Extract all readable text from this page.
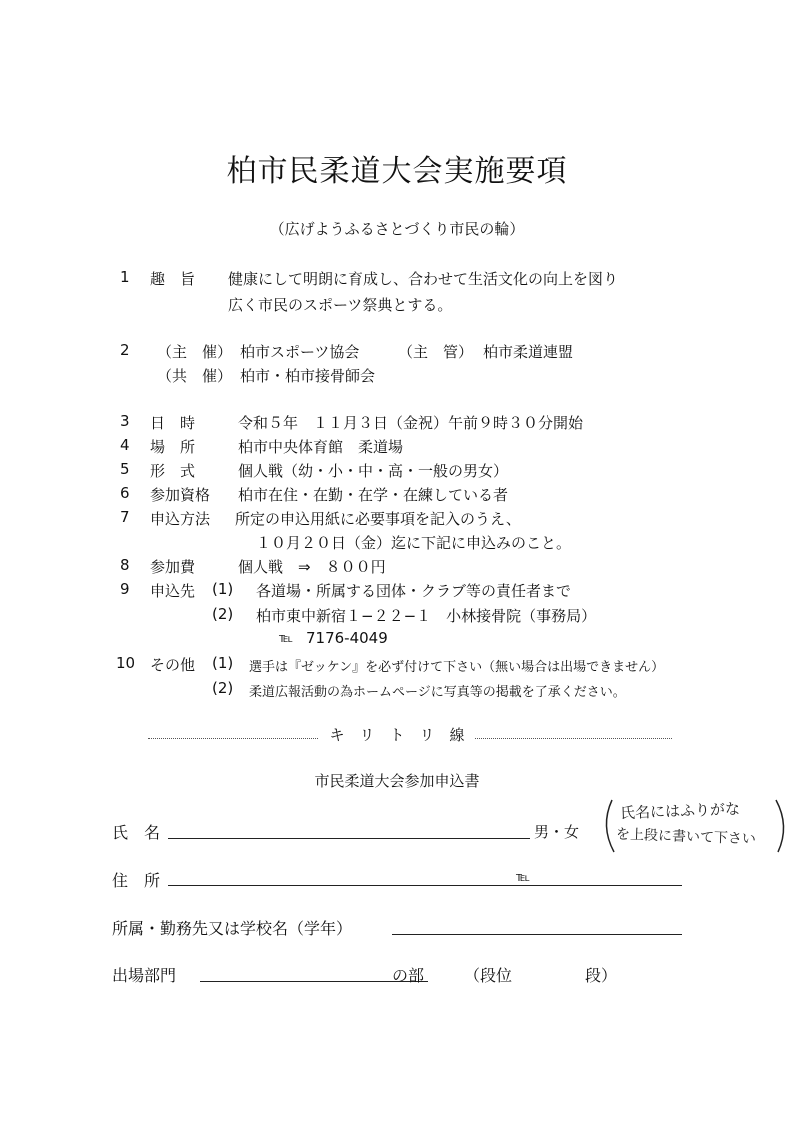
柏市民柔道大会実施要項
（広げようふるさとづくり市民の輪）
1 趣　旨 健康にして明朗に育成し、合わせて生活文化の向上を図り
広く市民のスポーツ祭典とする。
2 （主　催） 柏市スポーツ協会	（主　管） 柏市柔道連盟
（共　催） 柏市・柏市接骨師会
3 日　時	令和５年　１１月３日（金祝）午前９時３０分開始
4 場　所	柏市中央体育館　柔道場
5 形　式	個人戦（幼・小・中・高・一般の男女）
6 参加資格 柏市在住・在勤・在学・在練している者
7 申込方法 所定の申込用紙に必要事項を記入のうえ、
１０月２０日（金）迄に下記に申込みのこと。
8 参加費	個人戦　⇒　８００円
9 申込先 (1) 各道場・所属する団体・クラブ等の責任者まで
(2) 柏市東中新宿１−２２−１　小林接骨院（事務局）
℡ 7176-4049
10 その他 (1) 選手は『ゼッケン』を必ず付けて下さい（無い場合は出場できません）
(2) 柔道広報活動の為ホームページに写真等の掲載を了承ください。
キ　リ　ト　リ　線
市民柔道大会参加申込書
氏　名	男・女
氏名にはふりがな
を上段に書いて下さい
住　所	℡
所属・勤務先又は学校名（学年）
出場部門	の部 （段位	段）
